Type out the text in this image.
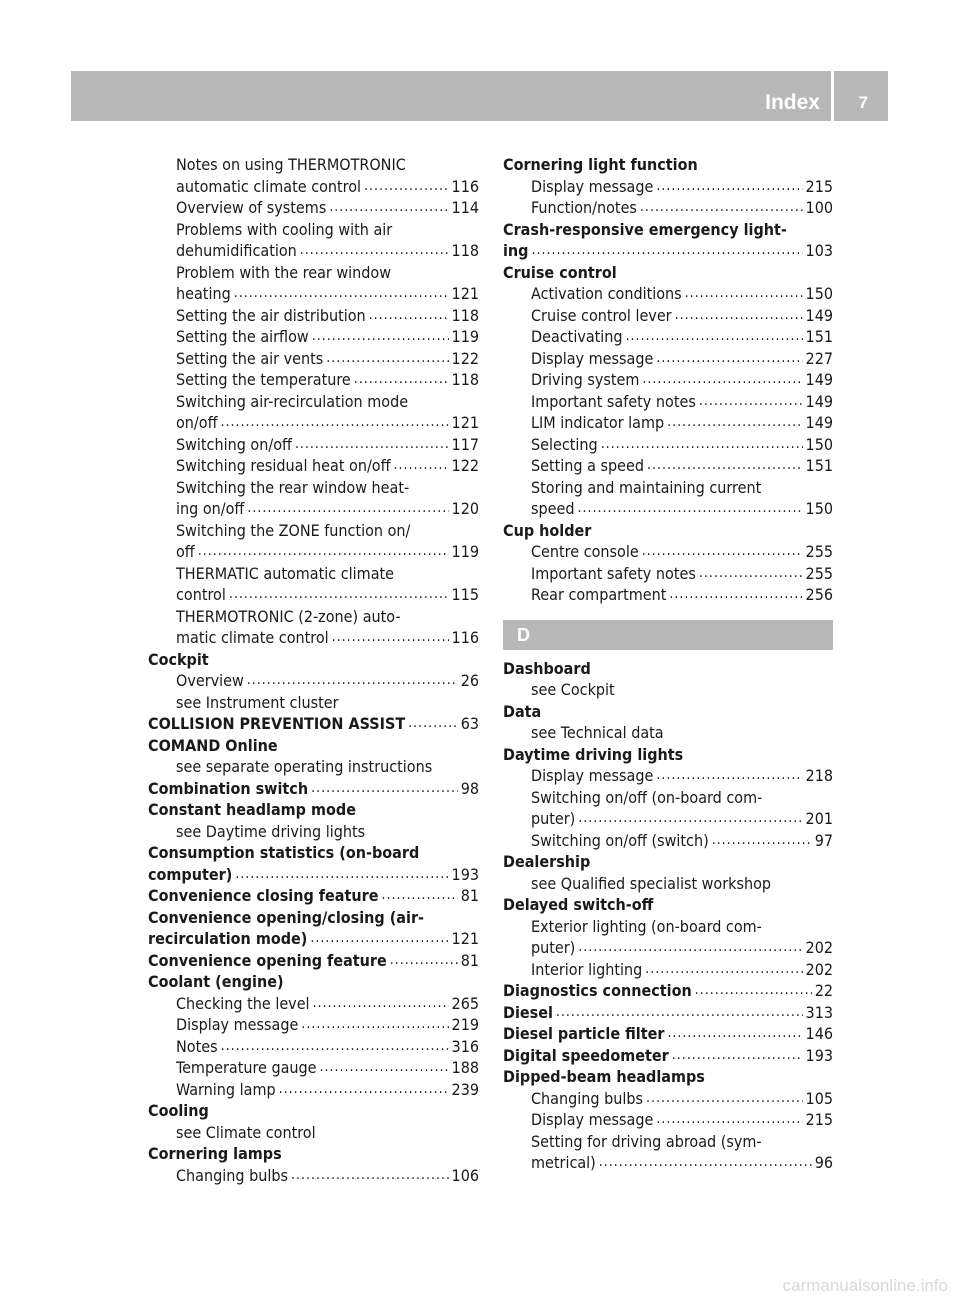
Index 7
Notes on using THERMOTRONIC
automatic climate control .....	116
Overview of systems .....	114
Problems with cooling with air
dehumidification .....	118
Problem with the rear window
heating .....	121
Setting the air distribution .....	118
Setting the airflow .....	119
Setting the air vents .....	122
Setting the temperature .....	118
Switching air-recirculation mode
on/off .....	121
Switching on/off .....	117
Switching residual heat on/off .....	122
Switching the rear window heat-
ing on/off .....	120
Switching the ZONE function on/
off .....	119
THERMATIC automatic climate
control .....	115
THERMOTRONIC (2-zone) auto-
matic climate control .....	116
Cockpit
Overview .....	26
see Instrument cluster
COLLISION PREVENTION ASSIST .....	63
COMAND Online
see separate operating instructions
Combination switch .....	98
Constant headlamp mode
see Daytime driving lights
Consumption statistics (on-board
computer) .....	193
Convenience closing feature .....	81
Convenience opening/closing (air-
recirculation mode) .....	121
Convenience opening feature .....	81
Coolant (engine)
Checking the level .....	265
Display message .....	219
Notes .....	316
Temperature gauge .....	188
Warning lamp .....	239
Cooling
see Climate control
Cornering lamps
Changing bulbs .....	106
Cornering light function
Display message .....	215
Function/notes .....	100
Crash-responsive emergency light-
ing .....	103
Cruise control
Activation conditions .....	150
Cruise control lever .....	149
Deactivating .....	151
Display message .....	227
Driving system .....	149
Important safety notes .....	149
LIM indicator lamp .....	149
Selecting .....	150
Setting a speed .....	151
Storing and maintaining current
speed .....	150
Cup holder
Centre console .....	255
Important safety notes .....	255
Rear compartment .....	256
D
Dashboard
see Cockpit
Data
see Technical data
Daytime driving lights
Display message .....	218
Switching on/off (on-board com-
puter) .....	201
Switching on/off (switch) .....	97
Dealership
see Qualified specialist workshop
Delayed switch-off
Exterior lighting (on-board com-
puter) .....	202
Interior lighting .....	202
Diagnostics connection .....	22
Diesel .....	313
Diesel particle filter .....	146
Digital speedometer .....	193
Dipped-beam headlamps
Changing bulbs .....	105
Display message .....	215
Setting for driving abroad (sym-
metrical) .....	96
carmanualsonline.info
